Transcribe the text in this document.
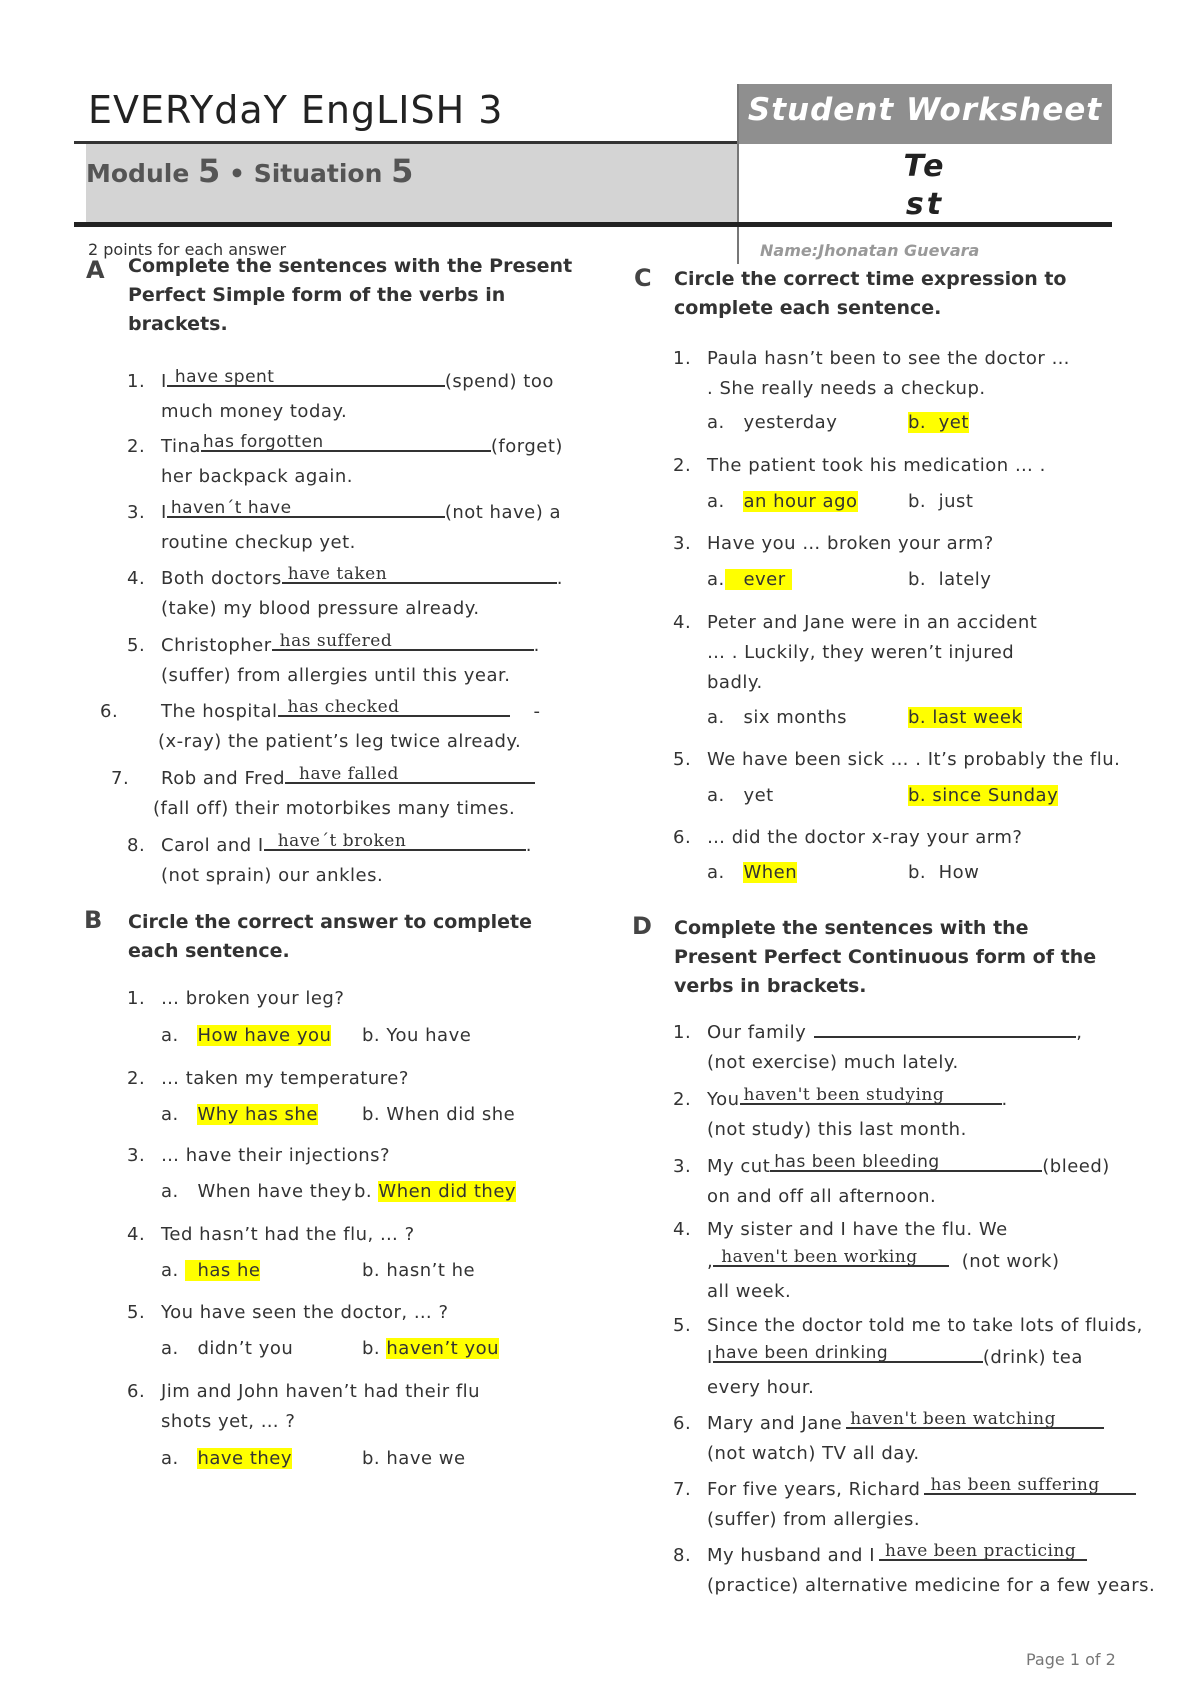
EVERYdaY EngLISH 3	Student Worksheet
Module 5 • Situation 5	Te
st
2 points for each answer	Name:Jhonatan Guevara
A Complete the sentences with the Present
Perfect Simple form of the verbs in
brackets.
1. I have spent	(spend) too
much money today.
2. Tina has forgotten	(forget)
her backpack again.
3. I haven´t have	(not have) a
routine checkup yet.
4. Both doctors have taken	.
(take) my blood pressure already.
5. Christopher has suffered	.
(suffer) from allergies until this year.
6. The hospital has checked	-
(x-ray) the patient’s leg twice already.
7. Rob and Fred have falled
(fall off) their motorbikes many times.
8. Carol and I have´t broken	.
(not sprain) our ankles.
B Circle the correct answer to complete
each sentence.
1. … broken your leg?
a. How have you b. You have
2. … taken my temperature?
a. Why has she b. When did she
3. … have their injections?
a. When have they b. When did they
4. Ted hasn’t had the flu, … ?
a. has he	b. hasn’t he
5. You have seen the doctor, … ?
a. didn’t you	b. haven’t you
6. Jim and John haven’t had their flu
shots yet, … ?
a. have they	b. have we
C Circle the correct time expression to
complete each sentence.
1. Paula hasn’t been to see the doctor …
. She really needs a checkup.
a. yesterday	b. yet
2. The patient took his medication … .
a. an hour ago	b. just
3. Have you … broken your arm?
a. ever	b. lately
4. Peter and Jane were in an accident
… . Luckily, they weren’t injured
badly.
a. six months	b. last week
5. We have been sick … . It’s probably the flu.
a. yet	b. since Sunday
6. … did the doctor x-ray your arm?
a. When	b. How
D Complete the sentences with the
Present Perfect Continuous form of the
verbs in brackets.
1. Our family	,
(not exercise) much lately.
2. You haven't been studying	.
(not study) this last month.
3. My cut has been bleeding	(bleed)
on and off all afternoon.
4. My sister and I have the flu. We
, haven't been working (not work)
all week.
5. Since the doctor told me to take lots of fluids,
I have been drinking	(drink) tea
every hour.
6. Mary and Jane haven't been watching
(not watch) TV all day.
7. For five years, Richard has been suffering
(suffer) from allergies.
8. My husband and I have been practicing
(practice) alternative medicine for a few years.
Page 1 of 2
